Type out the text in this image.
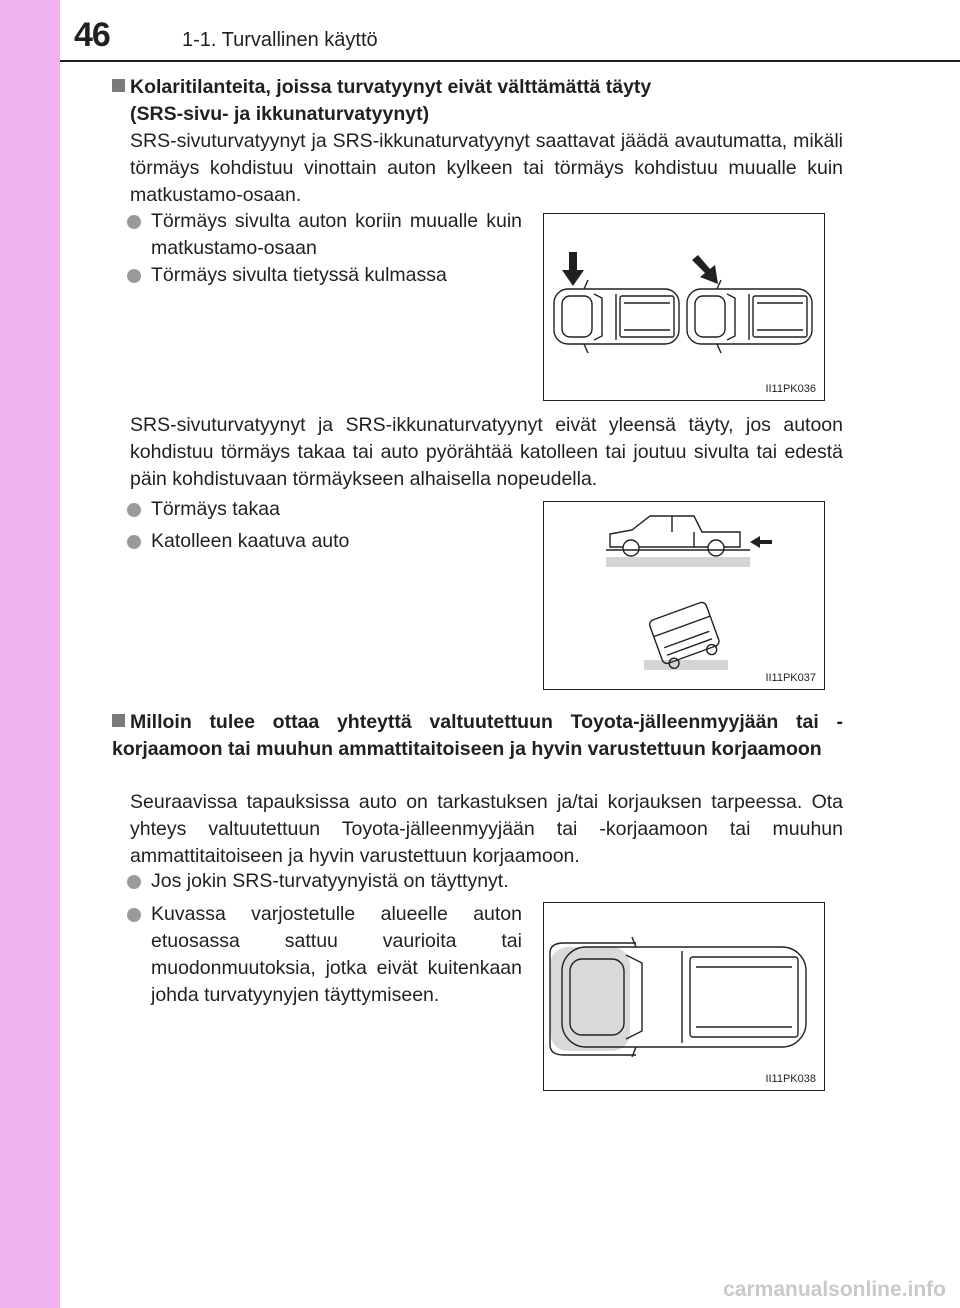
46	1-1. Turvallinen käyttö
Kolaritilanteita, joissa turvatyynyt eivät välttämättä täyty
(SRS-sivu- ja ikkunaturvatyynyt)
SRS-sivuturvatyynyt ja SRS-ikkunaturvatyynyt saattavat jäädä avautumatta, mikäli törmäys kohdistuu vinottain auton kylkeen tai törmäys kohdistuu muualle kuin matkustamo-osaan.
Törmäys sivulta auton koriin muualle kuin matkustamo-osaan
Törmäys sivulta tietyssä kulmassa
II11PK036
SRS-sivuturvatyynyt ja SRS-ikkunaturvatyynyt eivät yleensä täyty, jos autoon kohdistuu törmäys takaa tai auto pyörähtää katolleen tai joutuu sivulta tai edestä päin kohdistuvaan törmäykseen alhaisella nopeudella.
Törmäys takaa
Katolleen kaatuva auto
II11PK037
Milloin tulee ottaa yhteyttä valtuutettuun Toyota-jälleenmyyjään tai -korjaamoon tai muuhun ammattitaitoiseen ja hyvin varustettuun korjaamoon
Seuraavissa tapauksissa auto on tarkastuksen ja/tai korjauksen tarpeessa. Ota yhteys valtuutettuun Toyota-jälleenmyyjään tai -korjaamoon tai muuhun ammattitaitoiseen ja hyvin varustettuun korjaamoon.
Jos jokin SRS-turvatyynyistä on täyttynyt.
Kuvassa varjostetulle alueelle auton etuosassa sattuu vaurioita tai muodonmuutoksia, jotka eivät kuitenkaan johda turvatyynyjen täyttymiseen.
II11PK038
carmanualsonline.info
